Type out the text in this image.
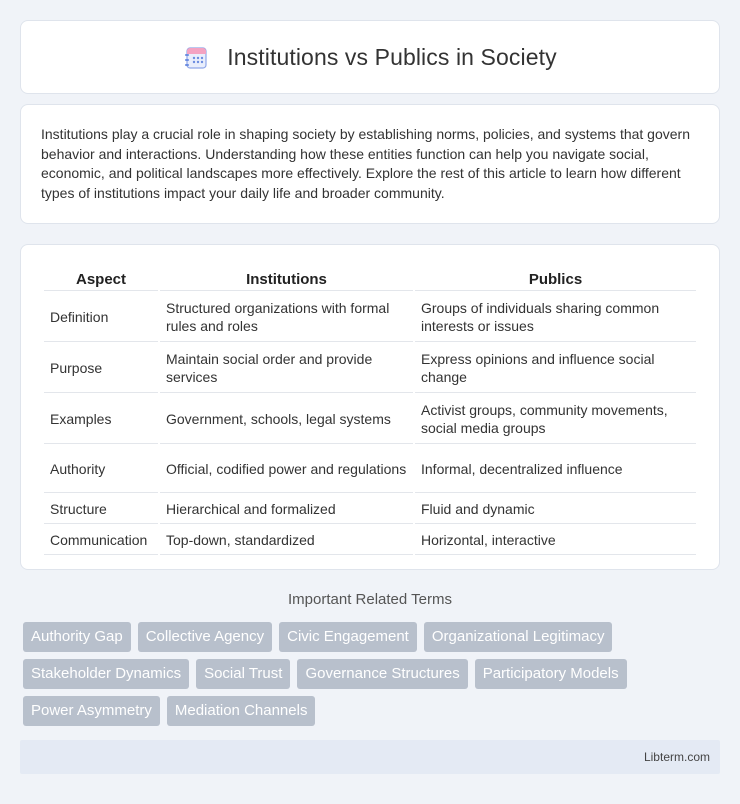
Institutions vs Publics in Society

Institutions play a crucial role in shaping society by establishing norms, policies, and systems that govern behavior and interactions. Understanding how these entities function can help you navigate social, economic, and political landscapes more effectively. Explore the rest of this article to learn how different types of institutions impact your daily life and broader community.

Aspect	Institutions	Publics
Definition	Structured organizations with formal rules and roles	Groups of individuals sharing common interests or issues
Purpose	Maintain social order and provide services	Express opinions and influence social change
Examples	Government, schools, legal systems	Activist groups, community movements, social media groups
Authority	Official, codified power and regulations	Informal, decentralized influence
Structure	Hierarchical and formalized	Fluid and dynamic
Communication	Top-down, standardized	Horizontal, interactive
Important Related Terms
Authority Gap	Collective Agency	Civic Engagement	Organizational Legitimacy
Stakeholder Dynamics	Social Trust	Governance Structures	Participatory Models
Power Asymmetry	Mediation Channels
Libterm.com
